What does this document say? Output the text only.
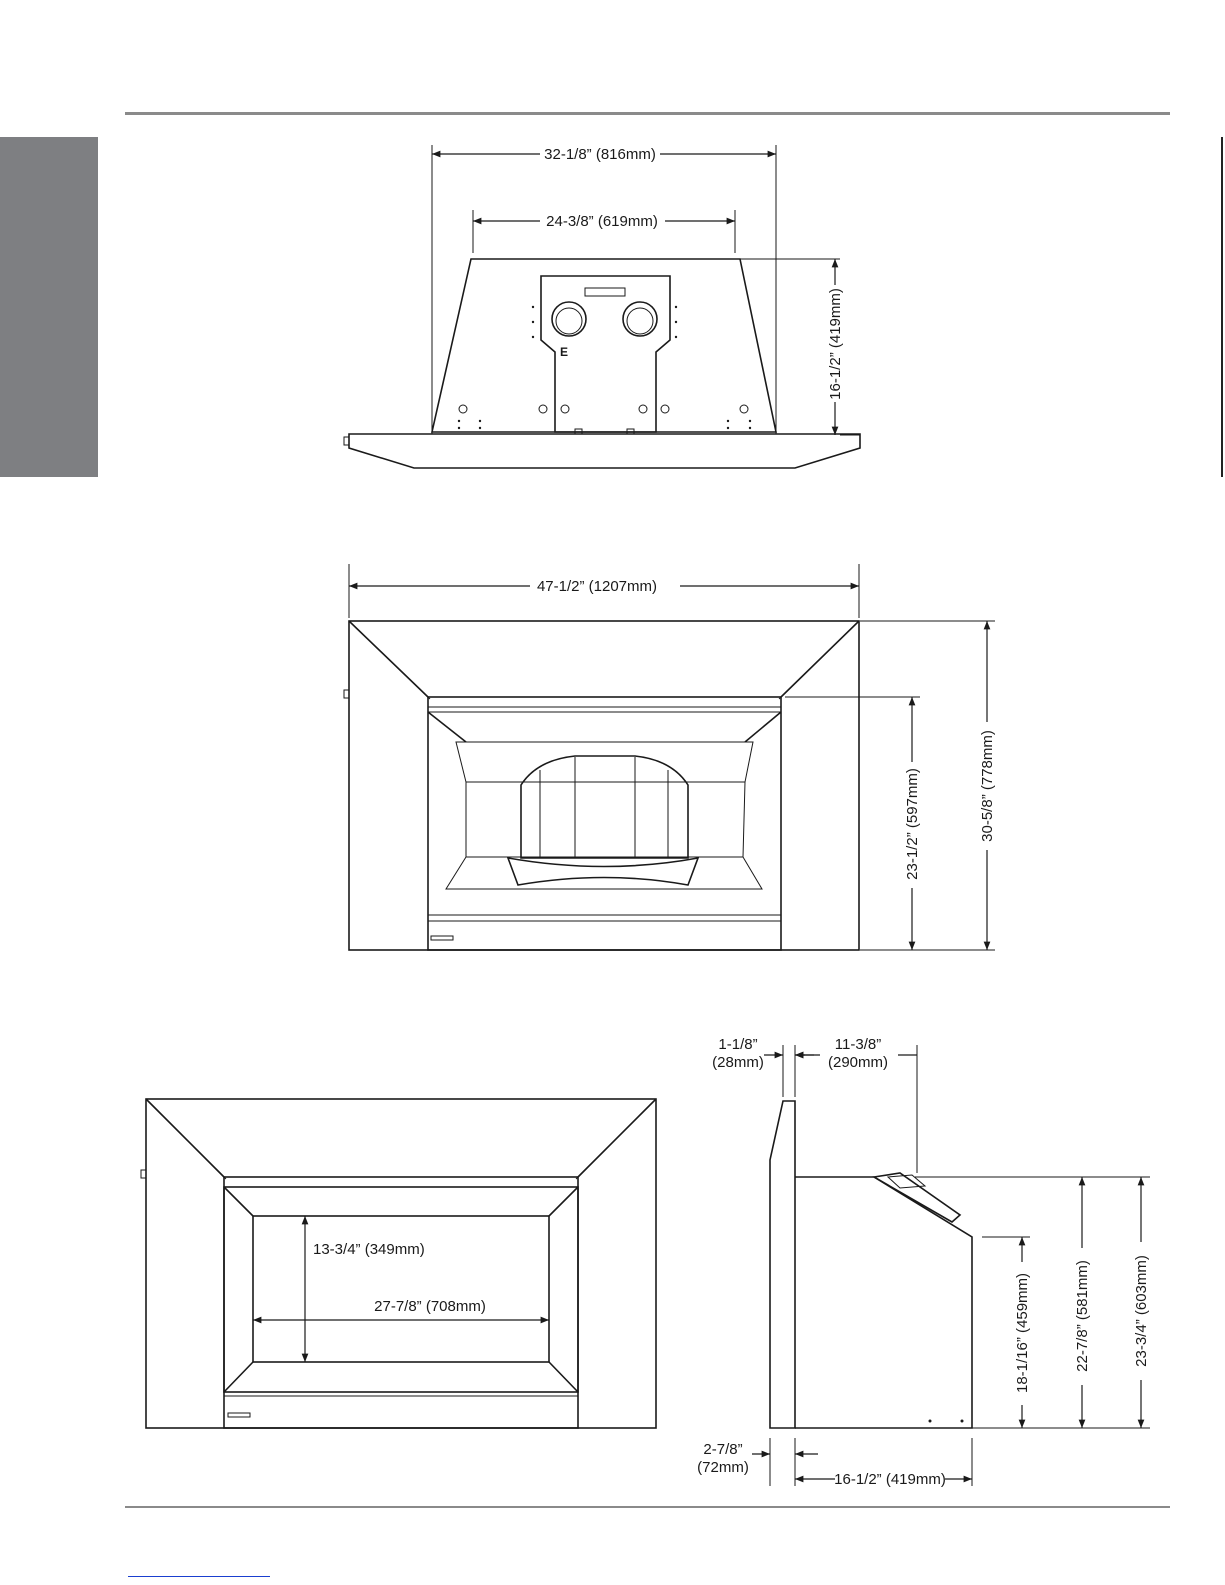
E
32-1/8” (816mm)
24-3/8” (619mm)
16-1/2” (419mm)
47-1/2” (1207mm)
23-1/2” (597mm)	30-5/8” (778mm)
13-3/4” (349mm)
27-7/8” (708mm)
1-1/8”
(28mm)
11-3/8”
(290mm)
2-7/8”
(72mm)
16-1/2” (419mm)
18-1/16” (459mm)	22-7/8” (581mm)	23-3/4” (603mm)
